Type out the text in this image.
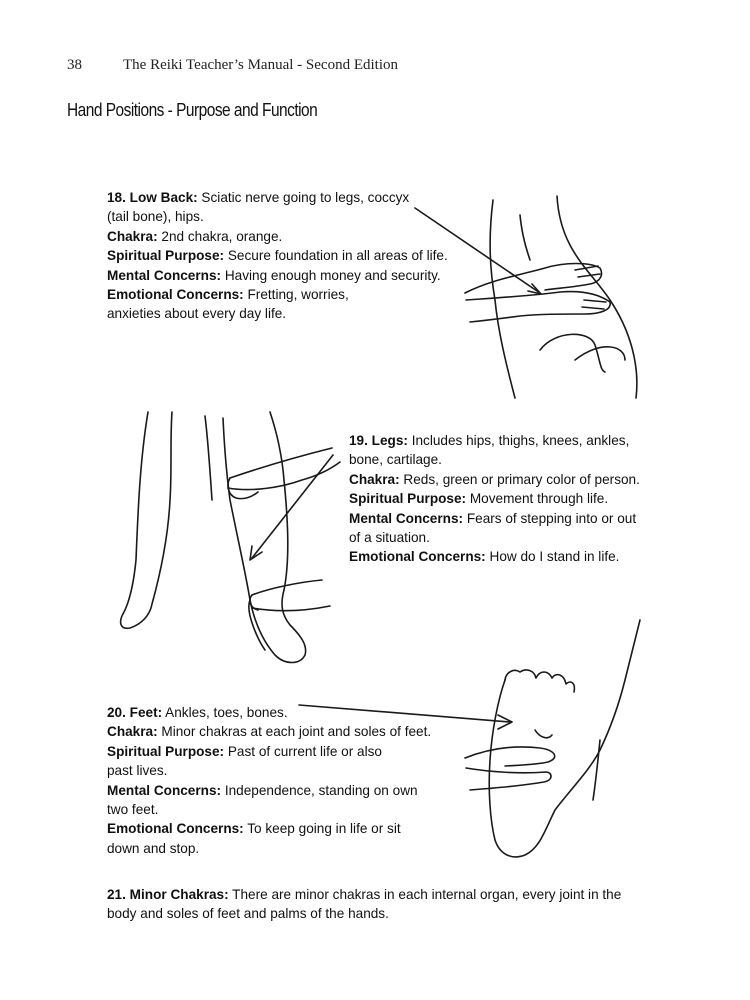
38	The Reiki Teacher’s Manual - Second Edition
Hand Positions - Purpose and Function
18. Low Back: Sciatic nerve going to legs, coccyx
(tail bone), hips.
Chakra: 2nd chakra, orange.
Spiritual Purpose: Secure foundation in all areas of life.
Mental Concerns: Having enough money and security.
Emotional Concerns: Fretting, worries,
anxieties about every day life.
19. Legs: Includes hips, thighs, knees, ankles,
bone, cartilage.
Chakra: Reds, green or primary color of person.
Spiritual Purpose: Movement through life.
Mental Concerns: Fears of stepping into or out
of a situation.
Emotional Concerns: How do I stand in life.
20. Feet: Ankles, toes, bones.
Chakra: Minor chakras at each joint and soles of feet.
Spiritual Purpose: Past of current life or also
past lives.
Mental Concerns: Independence, standing on own
two feet.
Emotional Concerns: To keep going in life or sit
down and stop.
21. Minor Chakras: There are minor chakras in each internal organ, every joint in the
body and soles of feet and palms of the hands.
